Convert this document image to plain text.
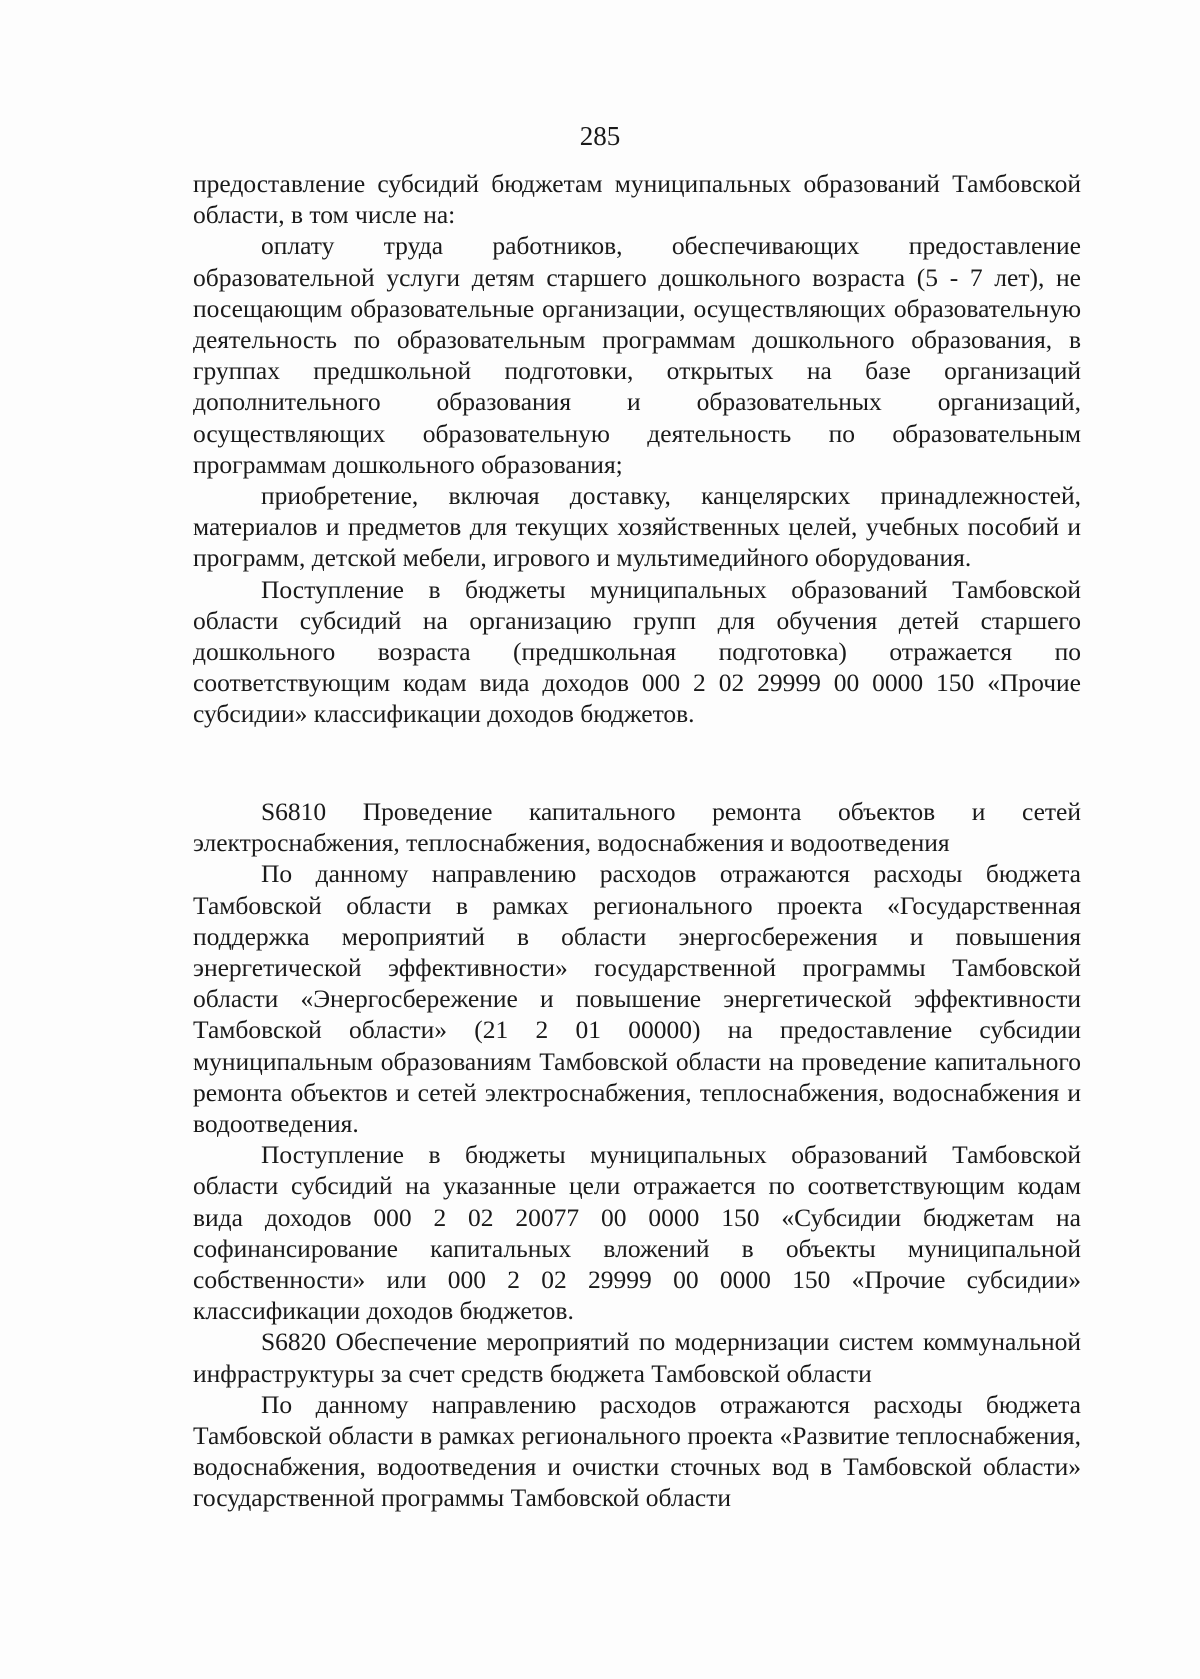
285

предоставление субсидий бюджетам муниципальных образований Тамбовской области, в том числе на:

оплату труда работников, обеспечивающих предоставление образовательной услуги детям старшего дошкольного возраста (5 - 7 лет), не посещающим образовательные организации, осуществляющих образовательную деятельность по образовательным программам дошкольного образования, в группах предшкольной подготовки, открытых на базе организаций дополнительного образования и образовательных организаций, осуществляющих образовательную деятельность по образовательным программам дошкольного образования;

приобретение, включая доставку, канцелярских принадлежностей, материалов и предметов для текущих хозяйственных целей, учебных пособий и программ, детской мебели, игрового и мультимедийного оборудования.

Поступление в бюджеты муниципальных образований Тамбовской области субсидий на организацию групп для обучения детей старшего дошкольного возраста (предшкольная подготовка) отражается по соответствующим кодам вида доходов 000 2 02 29999 00 0000 150 «Прочие субсидии» классификации доходов бюджетов.

S6810 Проведение капитального ремонта объектов и сетей электроснабжения, теплоснабжения, водоснабжения и водоотведения

По данному направлению расходов отражаются расходы бюджета Тамбовской области в рамках регионального проекта «Государственная поддержка мероприятий в области энергосбережения и повышения энергетической эффективности» государственной программы Тамбовской области «Энергосбережение и повышение энергетической эффективности Тамбовской области» (21 2 01 00000) на предоставление субсидии муниципальным образованиям Тамбовской области на проведение капитального ремонта объектов и сетей электроснабжения, теплоснабжения, водоснабжения и водоотведения.

Поступление в бюджеты муниципальных образований Тамбовской области субсидий на указанные цели отражается по соответствующим кодам вида доходов 000 2 02 20077 00 0000 150 «Субсидии бюджетам на софинансирование капитальных вложений в объекты муниципальной собственности» или 000 2 02 29999 00 0000 150 «Прочие субсидии» классификации доходов бюджетов.

S6820 Обеспечение мероприятий по модернизации систем коммунальной инфраструктуры за счет средств бюджета Тамбовской области

По данному направлению расходов отражаются расходы бюджета Тамбовской области в рамках регионального проекта «Развитие теплоснабжения, водоснабжения, водоотведения и очистки сточных вод в Тамбовской области» государственной программы Тамбовской области
